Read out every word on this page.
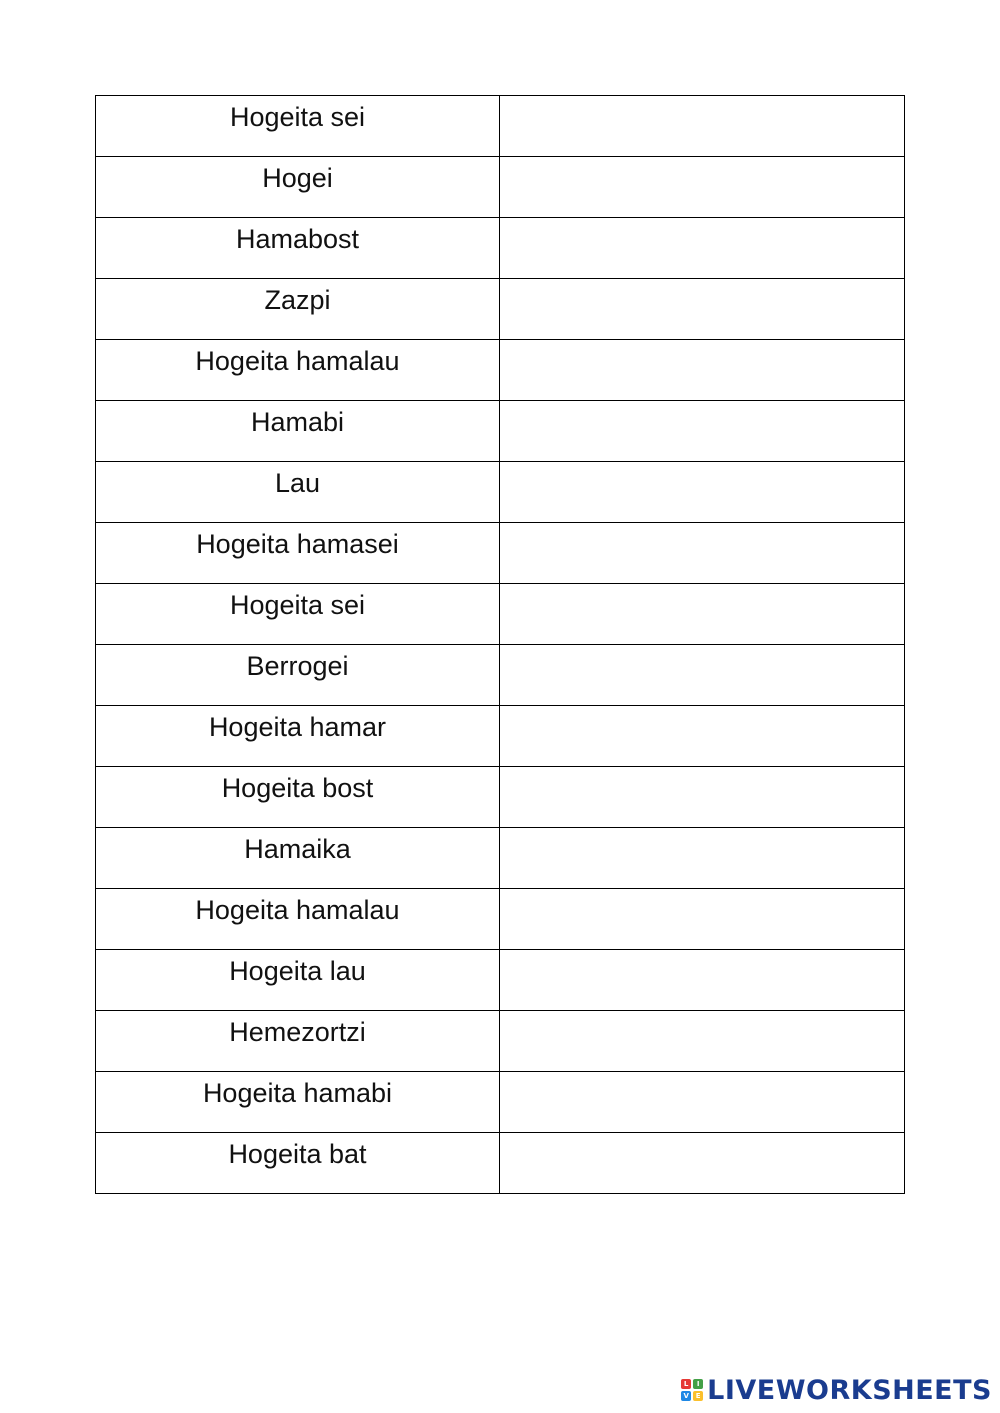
Hogeita sei	
Hogei	
Hamabost	
Zazpi	
Hogeita hamalau	
Hamabi	
Lau	
Hogeita hamasei	
Hogeita sei	
Berrogei	
Hogeita hamar	
Hogeita bost	
Hamaika	
Hogeita hamalau	
Hogeita lau	
Hemezortzi	
Hogeita hamabi	
Hogeita bat	
L	I
V E LIVEWORKSHEETS
